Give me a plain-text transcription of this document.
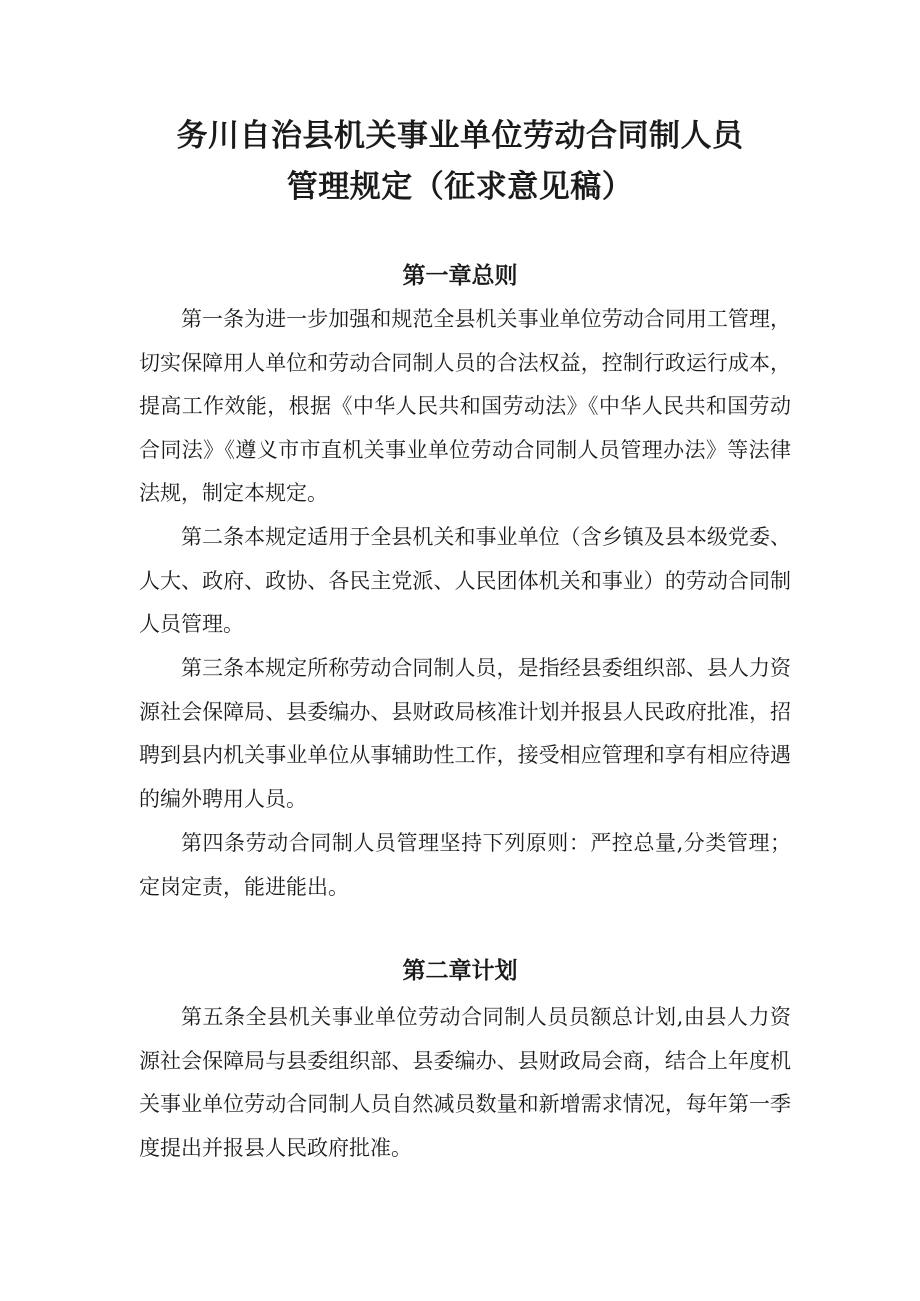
务川自治县机关事业单位劳动合同制人员
管理规定（征求意见稿）
第一章总则

第一条为进一步加强和规范全县机关事业单位劳动合同用工管理，切实保障用人单位和劳动合同制人员的合法权益，控制行政运行成本，提高工作效能，根据《中华人民共和国劳动法》《中华人民共和国劳动合同法》《遵义市市直机关事业单位劳动合同制人员管理办法》等法律法规，制定本规定。

第二条本规定适用于全县机关和事业单位（含乡镇及县本级党委、人大、政府、政协、各民主党派、人民团体机关和事业）的劳动合同制人员管理。

第三条本规定所称劳动合同制人员，是指经县委组织部、县人力资源社会保障局、县委编办、县财政局核准计划并报县人民政府批准，招聘到县内机关事业单位从事辅助性工作，接受相应管理和享有相应待遇的编外聘用人员。

第四条劳动合同制人员管理坚持下列原则：严控总量,分类管理；定岗定责，能进能出。

第二章计划

第五条全县机关事业单位劳动合同制人员员额总计划,由县人力资源社会保障局与县委组织部、县委编办、县财政局会商，结合上年度机关事业单位劳动合同制人员自然减员数量和新增需求情况，每年第一季度提出并报县人民政府批准。
